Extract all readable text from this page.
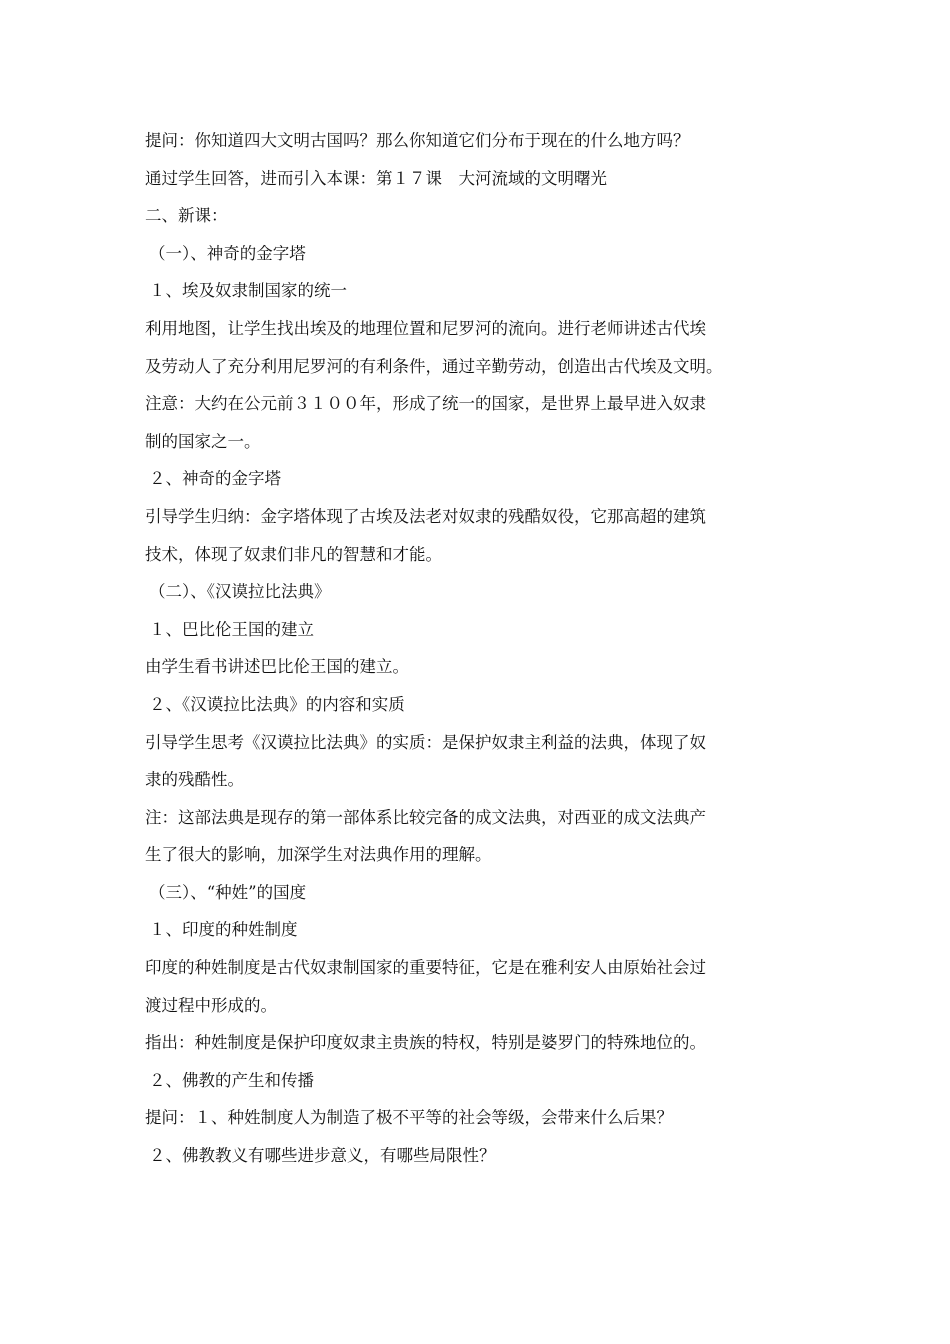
提问：你知道四大文明古国吗？那么你知道它们分布于现在的什么地方吗？
通过学生回答，进而引入本课：第１７课　大河流域的文明曙光
二、新课：
（一）、神奇的金字塔
１、埃及奴隶制国家的统一
利用地图，让学生找出埃及的地理位置和尼罗河的流向。进行老师讲述古代埃
及劳动人了充分利用尼罗河的有利条件，通过辛勤劳动，创造出古代埃及文明。
注意：大约在公元前３１００年，形成了统一的国家，是世界上最早进入奴隶
制的国家之一。
２、神奇的金字塔
引导学生归纳：金字塔体现了古埃及法老对奴隶的残酷奴役，它那高超的建筑
技术，体现了奴隶们非凡的智慧和才能。
（二）、《汉谟拉比法典》
１、巴比伦王国的建立
由学生看书讲述巴比伦王国的建立。
２、《汉谟拉比法典》的内容和实质
引导学生思考《汉谟拉比法典》的实质：是保护奴隶主利益的法典，体现了奴
隶的残酷性。
注：这部法典是现存的第一部体系比较完备的成文法典，对西亚的成文法典产
生了很大的影响，加深学生对法典作用的理解。
（三）、“种姓”的国度
１、印度的种姓制度
印度的种姓制度是古代奴隶制国家的重要特征，它是在雅利安人由原始社会过
渡过程中形成的。
指出：种姓制度是保护印度奴隶主贵族的特权，特别是婆罗门的特殊地位的。
２、佛教的产生和传播
提问：１、种姓制度人为制造了极不平等的社会等级，会带来什么后果？
２、佛教教义有哪些进步意义，有哪些局限性？
